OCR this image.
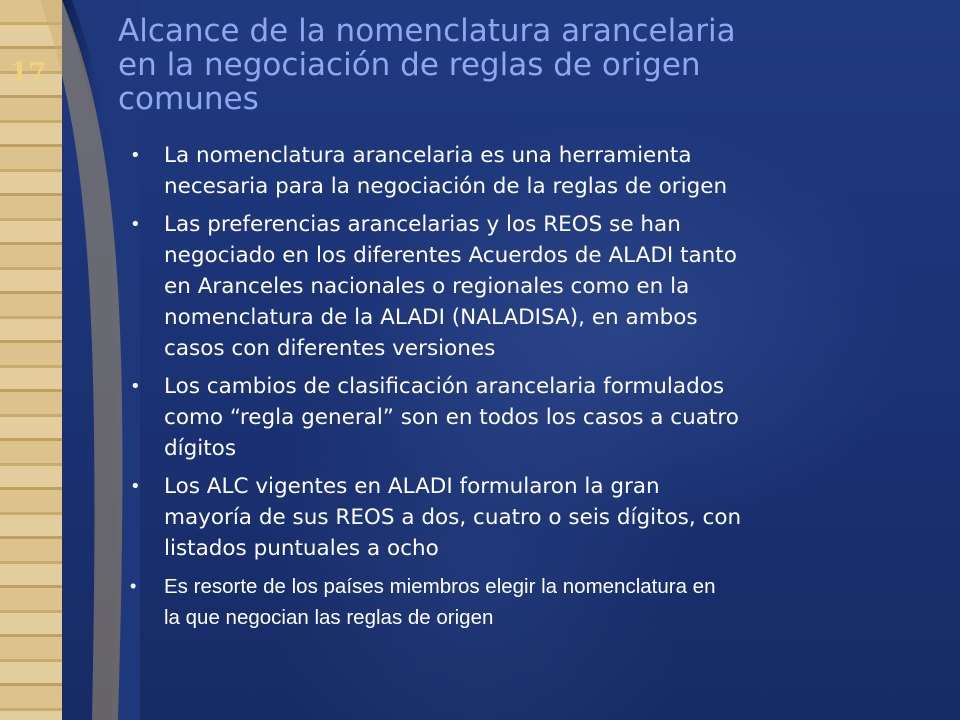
17
Alcance de la nomenclatura arancelaria
en la negociación de reglas de origen
comunes
• La nomenclatura arancelaria es una herramienta
necesaria para la negociación de la reglas de origen
• Las preferencias arancelarias y los REOS se han
negociado en los diferentes Acuerdos de ALADI tanto
en Aranceles nacionales o regionales como en la
nomenclatura de la ALADI (NALADISA), en ambos
casos con diferentes versiones
• Los cambios de clasificación arancelaria formulados
como “regla general” son en todos los casos a cuatro
dígitos
• Los ALC vigentes en ALADI formularon la gran
mayoría de sus REOS a dos, cuatro o seis dígitos, con
listados puntuales a ocho
• Es resorte de los países miembros elegir la nomenclatura en
la que negocian las reglas de origen
